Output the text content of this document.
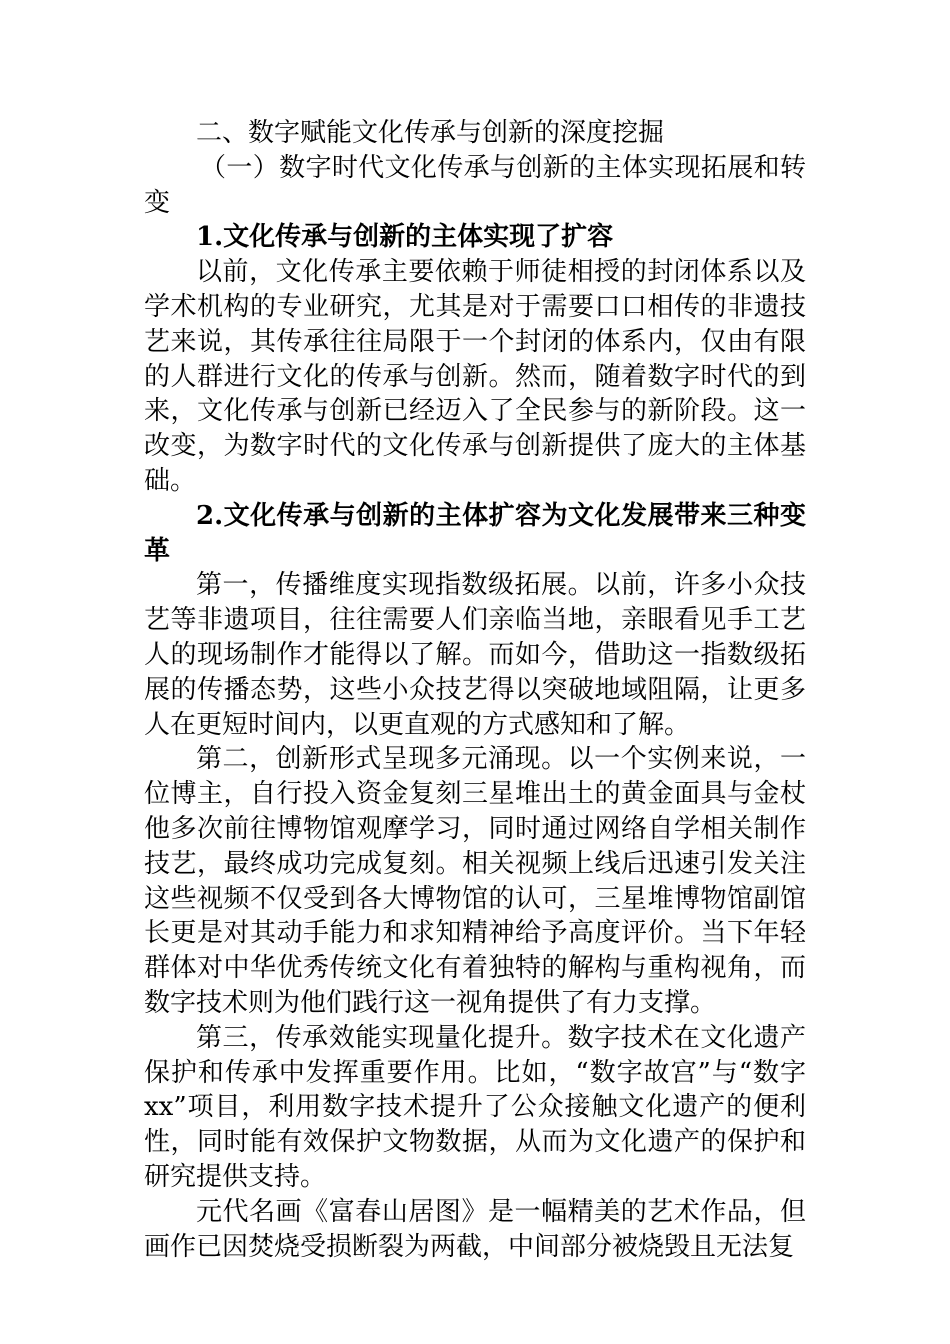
二、数字赋能文化传承与创新的深度挖掘

（一）数字时代文化传承与创新的主体实现拓展和转变

1.文化传承与创新的主体实现了扩容

以前，文化传承主要依赖于师徒相授的封闭体系以及学术机构的专业研究，尤其是对于需要口口相传的非遗技艺来说，其传承往往局限于一个封闭的体系内，仅由有限的人群进行文化的传承与创新。然而，随着数字时代的到来，文化传承与创新已经迈入了全民参与的新阶段。这一改变，为数字时代的文化传承与创新提供了庞大的主体基础。

2.文化传承与创新的主体扩容为文化发展带来三种变革

第一，传播维度实现指数级拓展。以前，许多小众技艺等非遗项目，往往需要人们亲临当地，亲眼看见手工艺人的现场制作才能得以了解。而如今，借助这一指数级拓展的传播态势，这些小众技艺得以突破地域阻隔，让更多人在更短时间内，以更直观的方式感知和了解。

第二，创新形式呈现多元涌现。以一个实例来说，一位博主，自行投入资金复刻三星堆出土的黄金面具与金杖他多次前往博物馆观摩学习，同时通过网络自学相关制作技艺，最终成功完成复刻。相关视频上线后迅速引发关注这些视频不仅受到各大博物馆的认可，三星堆博物馆副馆长更是对其动手能力和求知精神给予高度评价。当下年轻群体对中华优秀传统文化有着独特的解构与重构视角，而数字技术则为他们践行这一视角提供了有力支撑。

第三，传承效能实现量化提升。数字技术在文化遗产保护和传承中发挥重要作用。比如，“数字故宫”与“数字 xx”项目，利用数字技术提升了公众接触文化遗产的便利性，同时能有效保护文物数据，从而为文化遗产的保护和研究提供支持。

元代名画《富春山居图》是一幅精美的艺术作品，但画作已因焚烧受损断裂为两截，中间部分被烧毁且无法复
